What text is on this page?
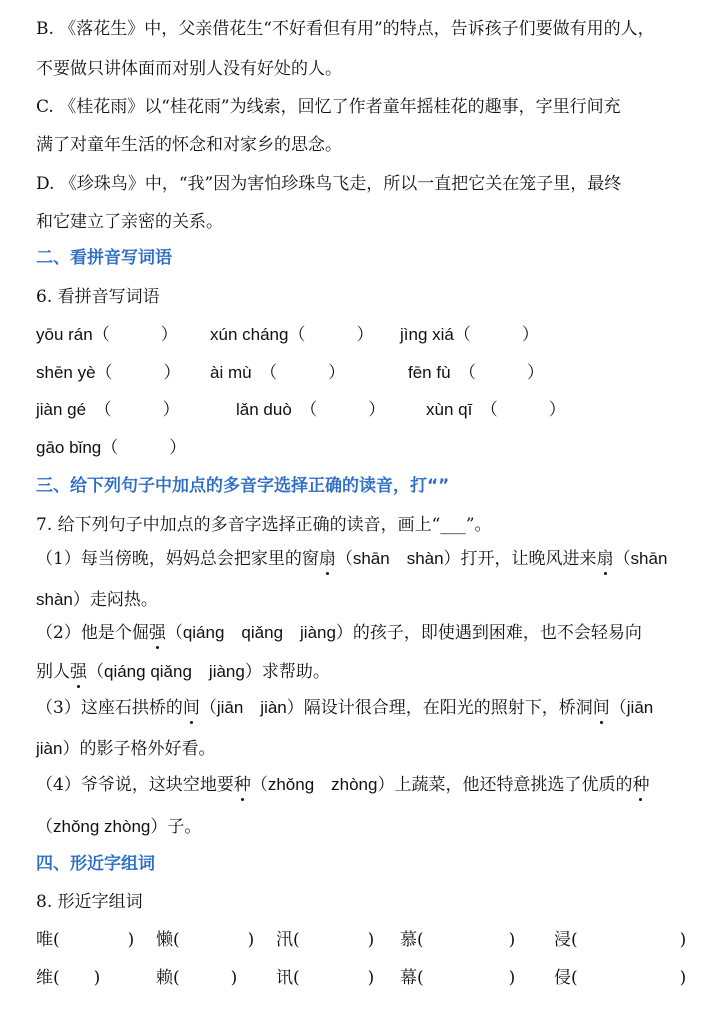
B. 《落花生》中，父亲借花生“不好看但有用”的特点，告诉孩子们要做有用的人，
不要做只讲体面而对别人没有好处的人。
C. 《桂花雨》以“桂花雨”为线索，回忆了作者童年摇桂花的趣事，字里行间充
满了对童年生活的怀念和对家乡的思念。
D. 《珍珠鸟》中，“我”因为害怕珍珠鸟飞走，所以一直把它关在笼子里，最终
和它建立了亲密的关系。
二、看拼音写词语
6. 看拼音写词语
yōu rán（　　　） xún cháng（　　　） jìng xiá（　　　）
shēn yè（　　　） ài mù　（　　　）	fēn fù　（　　　）
jiàn gé　（　　　）	lǎn duò　（　　　） xùn qī　（　　　）
gāo bǐng（　　　）
三、给下列句子中加点的多音字选择正确的读音，打“”
7. 给下列句子中加点的多音字选择正确的读音，画上“___”。
（1）每当傍晚，妈妈总会把家里的窗扇（shān　shàn）打开，让晚风进来扇（shān
shàn）走闷热。
（2）他是个倔强（qiáng　qiǎng　jiàng）的孩子，即使遇到困难，也不会轻易向
别人强（qiáng qiǎng　jiàng）求帮助。
（3）这座石拱桥的间（jiān　jiàn）隔设计很合理，在阳光的照射下，桥洞间（jiān
jiàn）的影子格外好看。
（4）爷爷说，这块空地要种（zhǒng　zhòng）上蔬菜，他还特意挑选了优质的种
（zhǒng zhòng）子。
四、形近字组词
8. 形近字组词
唯(　　　　) 懒(　　　　) 汛(　　　　) 慕(　　　　　) 浸(　　　　　　)
维(　　)	赖(　　　) 讯(　　　　) 幕(　　　　　) 侵(　　　　　　)
